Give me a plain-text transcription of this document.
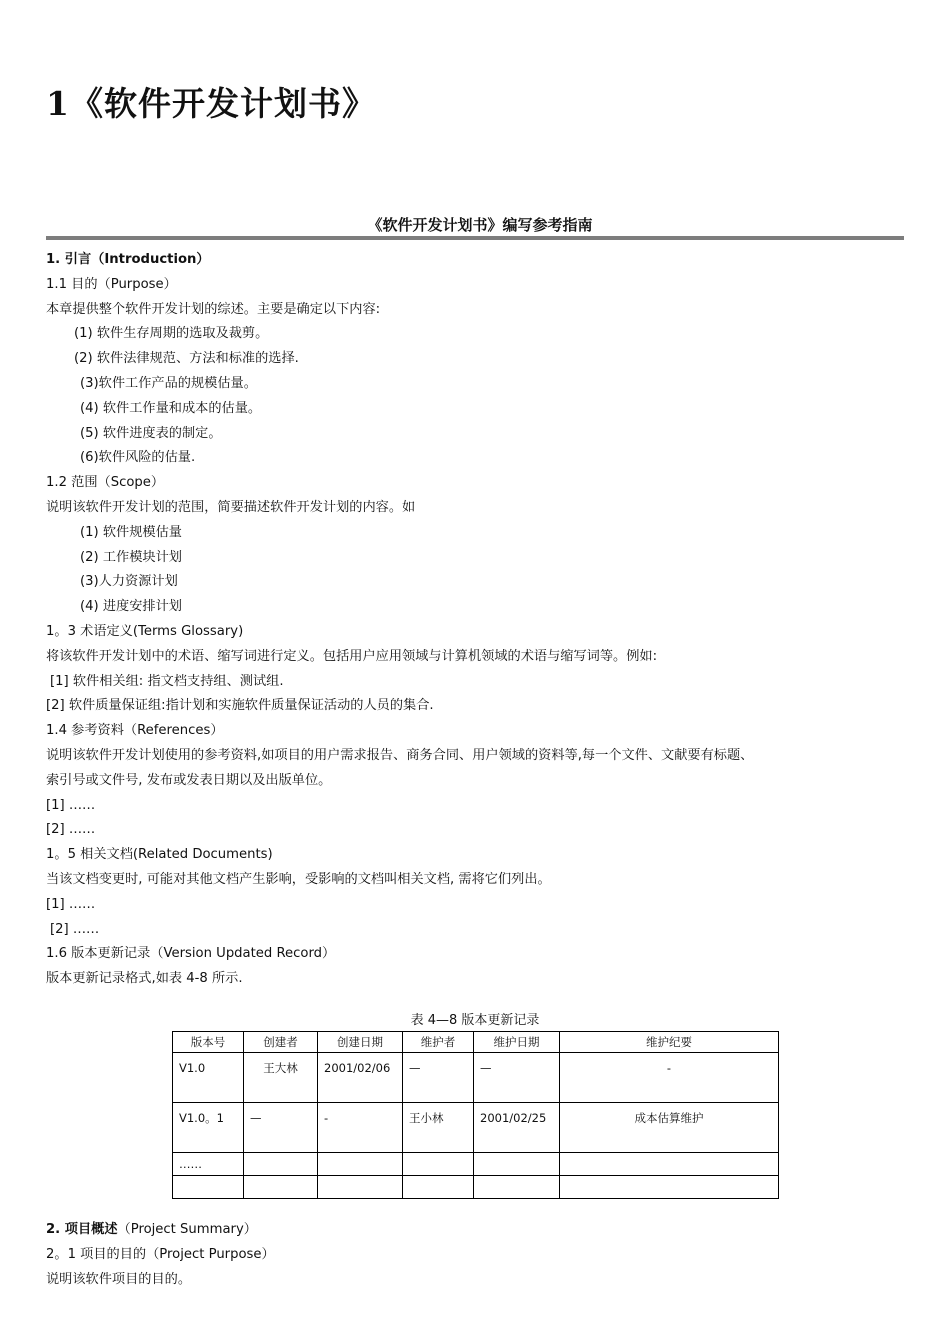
1《软件开发计划书》
《软件开发计划书》编写参考指南
1. 引言（Introduction）
1.1 目的（Purpose）
本章提供整个软件开发计划的综述。主要是确定以下内容:
(1) 软件生存周期的选取及裁剪。
(2) 软件法律规范、方法和标准的选择.
(3)软件工作产品的规模估量。
(4) 软件工作量和成本的估量。
(5) 软件进度表的制定。
(6)软件风险的估量.
1.2 范围（Scope）
说明该软件开发计划的范围，简要描述软件开发计划的内容。如
(1) 软件规模估量
(2) 工作模块计划
(3)人力资源计划
(4) 进度安排计划
1。3 术语定义(Terms Glossary)
将该软件开发计划中的术语、缩写词进行定义。包括用户应用领域与计算机领域的术语与缩写词等。例如:
[1] 软件相关组: 指文档支持组、测试组.
[2] 软件质量保证组:指计划和实施软件质量保证活动的人员的集合.
1.4 参考资料（References）
说明该软件开发计划使用的参考资料,如项目的用户需求报告、商务合同、用户领域的资料等,每一个文件、文献要有标题、
索引号或文件号, 发布或发表日期以及出版单位。
[1] ……
[2] ……
1。5 相关文档(Related Documents)
当该文档变更时, 可能对其他文档产生影响，受影响的文档叫相关文档, 需将它们列出。
[1] ……
[2] ……
1.6 版本更新记录（Version Updated Record）
版本更新记录格式,如表 4-8 所示.
表 4—8 版本更新记录
版本号	创建者	创建日期	维护者	维护日期	维护纪要
V1.0	王大林	2001/02/06	—	—	-
V1.0。1	—	-	王小林	2001/02/25	成本估算维护
……					

2. 项目概述（Project Summary）
2。1 项目的目的（Project Purpose）
说明该软件项目的目的。
